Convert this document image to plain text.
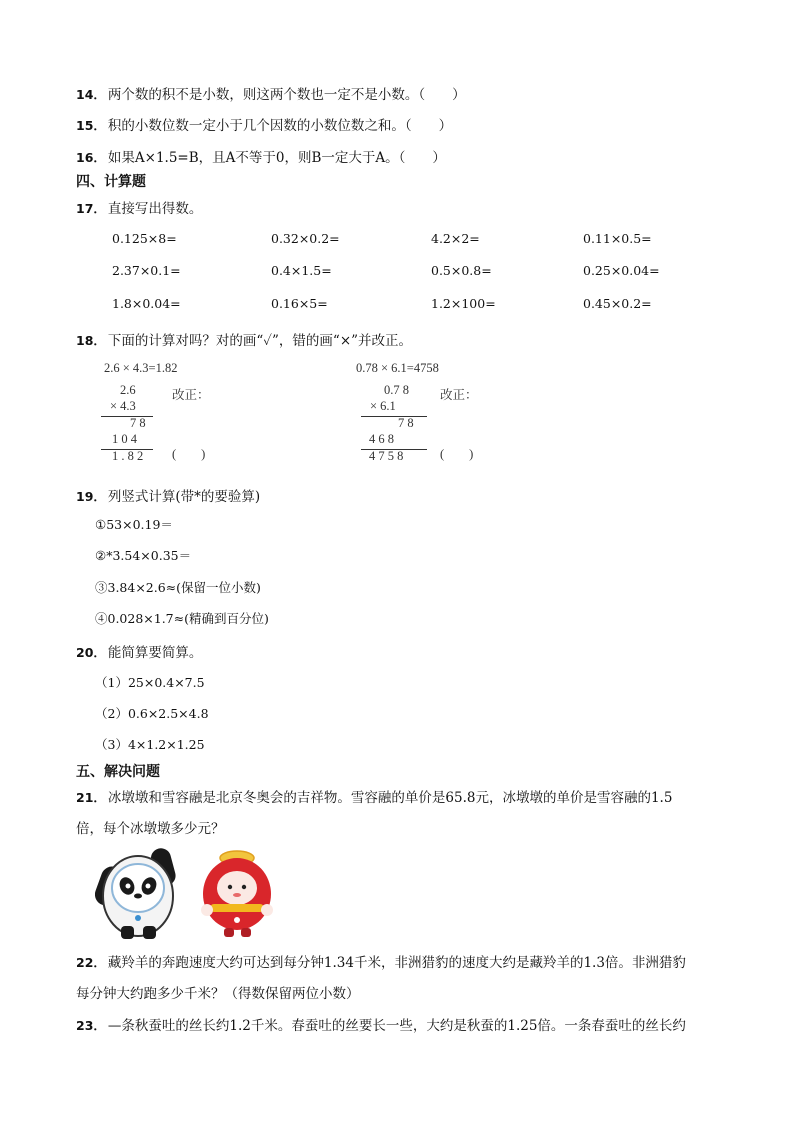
14． 两个数的积不是小数，则这两个数也一定不是小数。（　　）
15． 积的小数位数一定小于几个因数的小数位数之和。（　　）
16． 如果A×1.5=B，且A不等于0，则B一定大于A。（　　）
四、计算题
17． 直接写出得数。
0.125×8=	0.32×0.2=	4.2×2=	0.11×0.5=
2.37×0.1=	0.4×1.5=	0.5×0.8=	0.25×0.04=
1.8×0.04=	0.16×5=	1.2×100=	0.45×0.2=
18． 下面的计算对吗？对的画“✓”，错的画“×”并改正。
2.6 × 4.3=1.82
2.6
× 4.3
7 8
1 0 4
1 . 8 2
改正：
(　　)
0.78 × 6.1=4758
0.7 8
× 6.1
7 8
4 6 8
4 7 5 8
改正：
(　　)
19． 列竖式计算(带*的要验算)
①53×0.19＝
②*3.54×0.35＝
③3.84×2.6≈(保留一位小数)
④0.028×1.7≈(精确到百分位)
20． 能简算要简算。
（1）25×0.4×7.5
（2）0.6×2.5×4.8
（3）4×1.2×1.25
五、解决问题
21． 冰墩墩和雪容融是北京冬奥会的吉祥物。雪容融的单价是65.8元，冰墩墩的单价是雪容融的1.5
倍，每个冰墩墩多少元？
22． 藏羚羊的奔跑速度大约可达到每分钟1.34千米，非洲猎豹的速度大约是藏羚羊的1.3倍。非洲猎豹
每分钟大约跑多少千米？（得数保留两位小数）
23． —条秋蚕吐的丝长约1.2千米。春蚕吐的丝要长一些，大约是秋蚕的1.25倍。一条春蚕吐的丝长约
